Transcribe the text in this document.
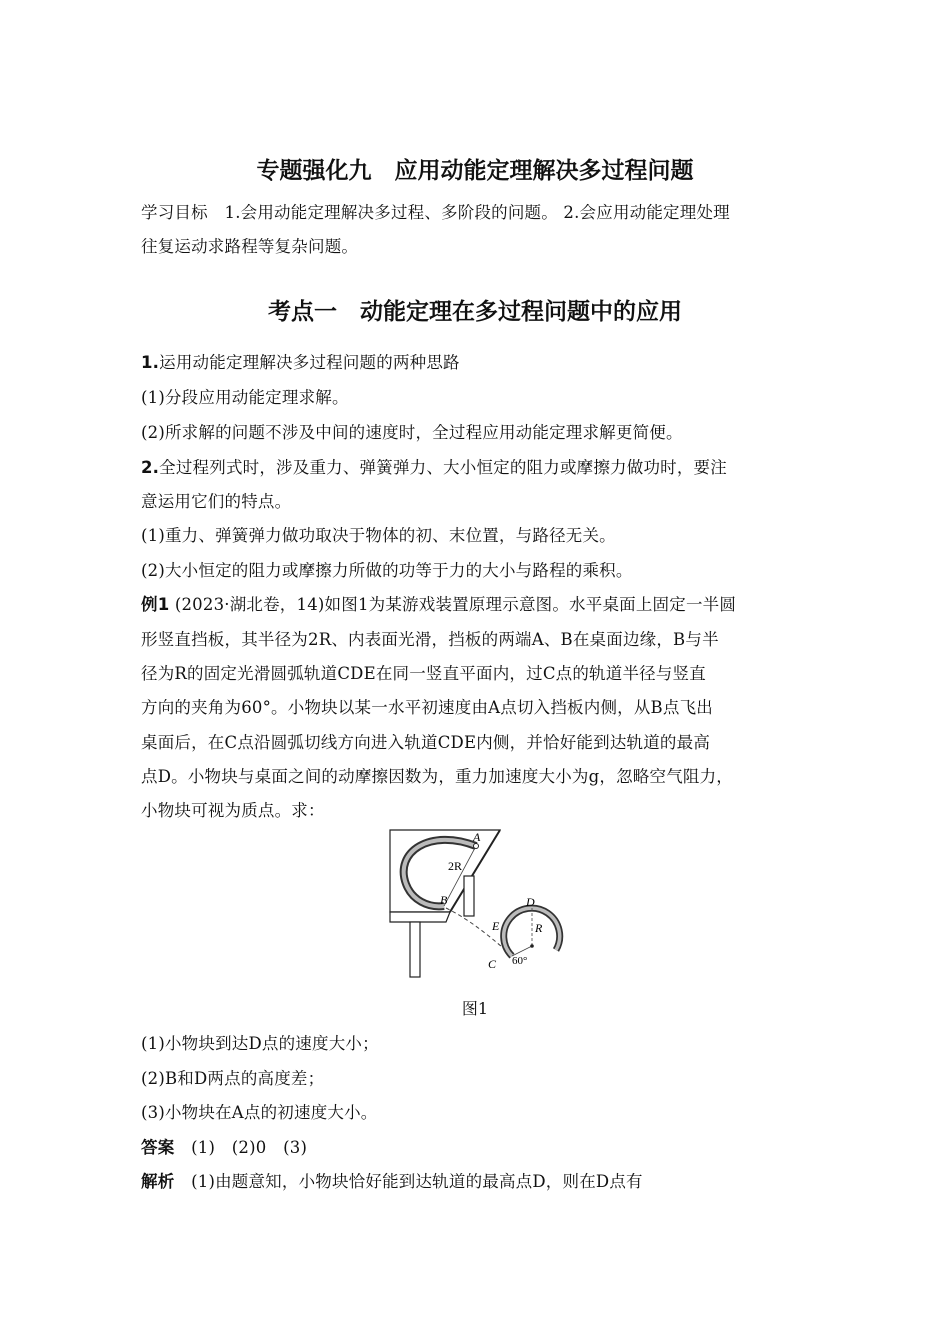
专题强化九　应用动能定理解决多过程问题
学习目标　 1.会用动能定理解决多过程、多阶段的问题。 2.会应用动能定理处理
往复运动求路程等复杂问题。
考点一　动能定理在多过程问题中的应用
1.运用动能定理解决多过程问题的两种思路
(1)分段应用动能定理求解。
(2)所求解的问题不涉及中间的速度时，全过程应用动能定理求解更简便。
2.全过程列式时，涉及重力、弹簧弹力、大小恒定的阻力或摩擦力做功时，要注
意运用它们的特点。
(1)重力、弹簧弹力做功取决于物体的初、末位置，与路径无关。
(2)大小恒定的阻力或摩擦力所做的功等于力的大小与路程的乘积。
例1 (2023·湖北卷，14)如图1为某游戏装置原理示意图。水平桌面上固定一半圆
形竖直挡板，其半径为2R、内表面光滑，挡板的两端A、B在桌面边缘，B与半
径为R的固定光滑圆弧轨道CDE在同一竖直平面内，过C点的轨道半径与竖直
方向的夹角为60°。小物块以某一水平初速度由A点切入挡板内侧，从B点飞出
桌面后，在C点沿圆弧切线方向进入轨道CDE内侧，并恰好能到达轨道的最高
点D。小物块与桌面之间的动摩擦因数为，重力加速度大小为g，忽略空气阻力，
小物块可视为质点。求：
A
2R
B	D
E	R
C 60°
图1
(1)小物块到达D点的速度大小；
(2)B和D两点的高度差；
(3)小物块在A点的初速度大小。
答案　(1)　(2)0　(3)
解析　(1)由题意知，小物块恰好能到达轨道的最高点D，则在D点有
